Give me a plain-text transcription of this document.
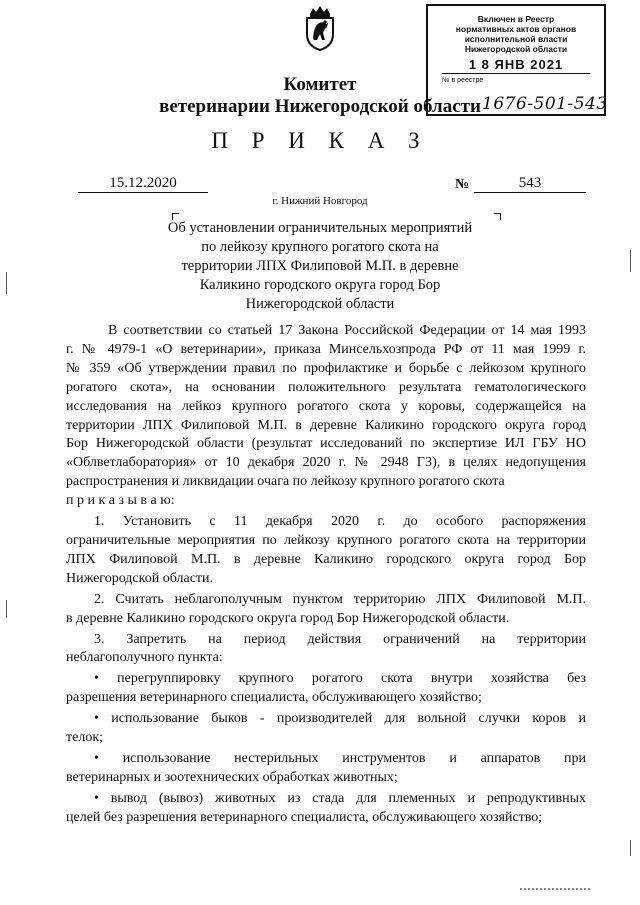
Включен в Реестр
нормативных актов органов
исполнительной власти
Нижегородской области
1 8 ЯНВ 2021
№ в реестре
Комитет
ветеринарии Нижегородской области 1676-501-543
П Р И К А З
15.12.2020	№	543
г. Нижний Новгород
Об установлении ограничительных мероприятий
по лейкозу крупного рогатого скота на
территории ЛПХ Филиповой М.П. в деревне
Каликино городского округа город Бор
Нижегородской области
В соответствии со статьей 17 Закона Российской Федерации от 14 мая 1993
г. № 4979-1 «О ветеринарии», приказа Минсельхозпрода РФ от 11 мая 1999 г.
№ 359 «Об утверждении правил по профилактике и борьбе с лейкозом крупного
рогатого скота», на основании положительного результата гематологического
исследования на лейкоз крупного рогатого скота у коровы, содержащейся на
территории ЛПХ Филиповой М.П. в деревне Каликино городского округа город
Бор Нижегородской области (результат исследований по экспертизе ИЛ ГБУ НО
«Облветлаборатория» от 10 декабря 2020 г. № 2948 ГЗ), в целях недопущения
распространения и ликвидации очага по лейкозу крупного рогатого скота
п р и к а з ы в а ю:
1. Установить с 11 декабря 2020 г. до особого распоряжения
ограничительные мероприятия по лейкозу крупного рогатого скота на территории
ЛПХ Филиповой М.П. в деревне Каликино городского округа город Бор
Нижегородской области.
2. Считать неблагополучным пунктом территорию ЛПХ Филиповой М.П.
в деревне Каликино городского округа город Бор Нижегородской области.
3. Запретить на период действия ограничений на территории
неблагополучного пункта:
• перегруппировку крупного рогатого скота внутри хозяйства без
разрешения ветеринарного специалиста, обслуживающего хозяйство;
• использование быков - производителей для вольной случки коров и
телок;
• использование нестерильных инструментов и аппаратов при
ветеринарных и зоотехнических обработках животных;
• вывод (вывоз) животных из стада для племенных и репродуктивных
целей без разрешения ветеринарного специалиста, обслуживающего хозяйство;
